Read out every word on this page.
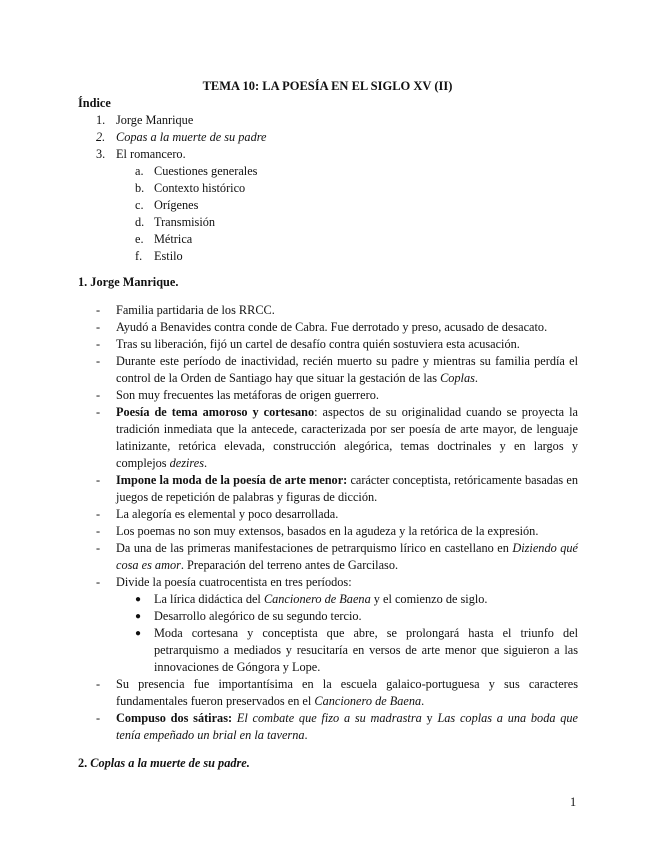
TEMA 10: LA POESÍA EN EL SIGLO XV (II)
Índice
1. Jorge Manrique
2. Copas a la muerte de su padre
3. El romancero.
a. Cuestiones generales
b. Contexto histórico
c. Orígenes
d. Transmisión
e. Métrica
f. Estilo
1. Jorge Manrique.
- Familia partidaria de los RRCC.
- Ayudó a Benavides contra conde de Cabra. Fue derrotado y preso, acusado de desacato.
- Tras su liberación, fijó un cartel de desafío contra quién sostuviera esta acusación.
- Durante este período de inactividad, recién muerto su padre y mientras su familia perdía el control de la Orden de Santiago hay que situar la gestación de las Coplas.
- Son muy frecuentes las metáforas de origen guerrero.
- Poesía de tema amoroso y cortesano: aspectos de su originalidad cuando se proyecta la tradición inmediata que la antecede, caracterizada por ser poesía de arte mayor, de lenguaje latinizante, retórica elevada, construcción alegórica, temas doctrinales y en largos y complejos dezires.
- Impone la moda de la poesía de arte menor: carácter conceptista, retóricamente basadas en juegos de repetición de palabras y figuras de dicción.
- La alegoría es elemental y poco desarrollada.
- Los poemas no son muy extensos, basados en la agudeza y la retórica de la expresión.
- Da una de las primeras manifestaciones de petrarquismo lírico en castellano en Diziendo qué cosa es amor. Preparación del terreno antes de Garcilaso.
- Divide la poesía cuatrocentista en tres períodos:
● La lírica didáctica del Cancionero de Baena y el comienzo de siglo.
● Desarrollo alegórico de su segundo tercio.
● Moda cortesana y conceptista que abre, se prolongará hasta el triunfo del petrarquismo a mediados y resucitaría en versos de arte menor que siguieron a las innovaciones de Góngora y Lope.
- Su presencia fue importantísima en la escuela galaico-portuguesa y sus caracteres fundamentales fueron preservados en el Cancionero de Baena.
- Compuso dos sátiras: El combate que fizo a su madrastra y Las coplas a una boda que tenía empeñado un brial en la taverna.
2. Coplas a la muerte de su padre.
1
